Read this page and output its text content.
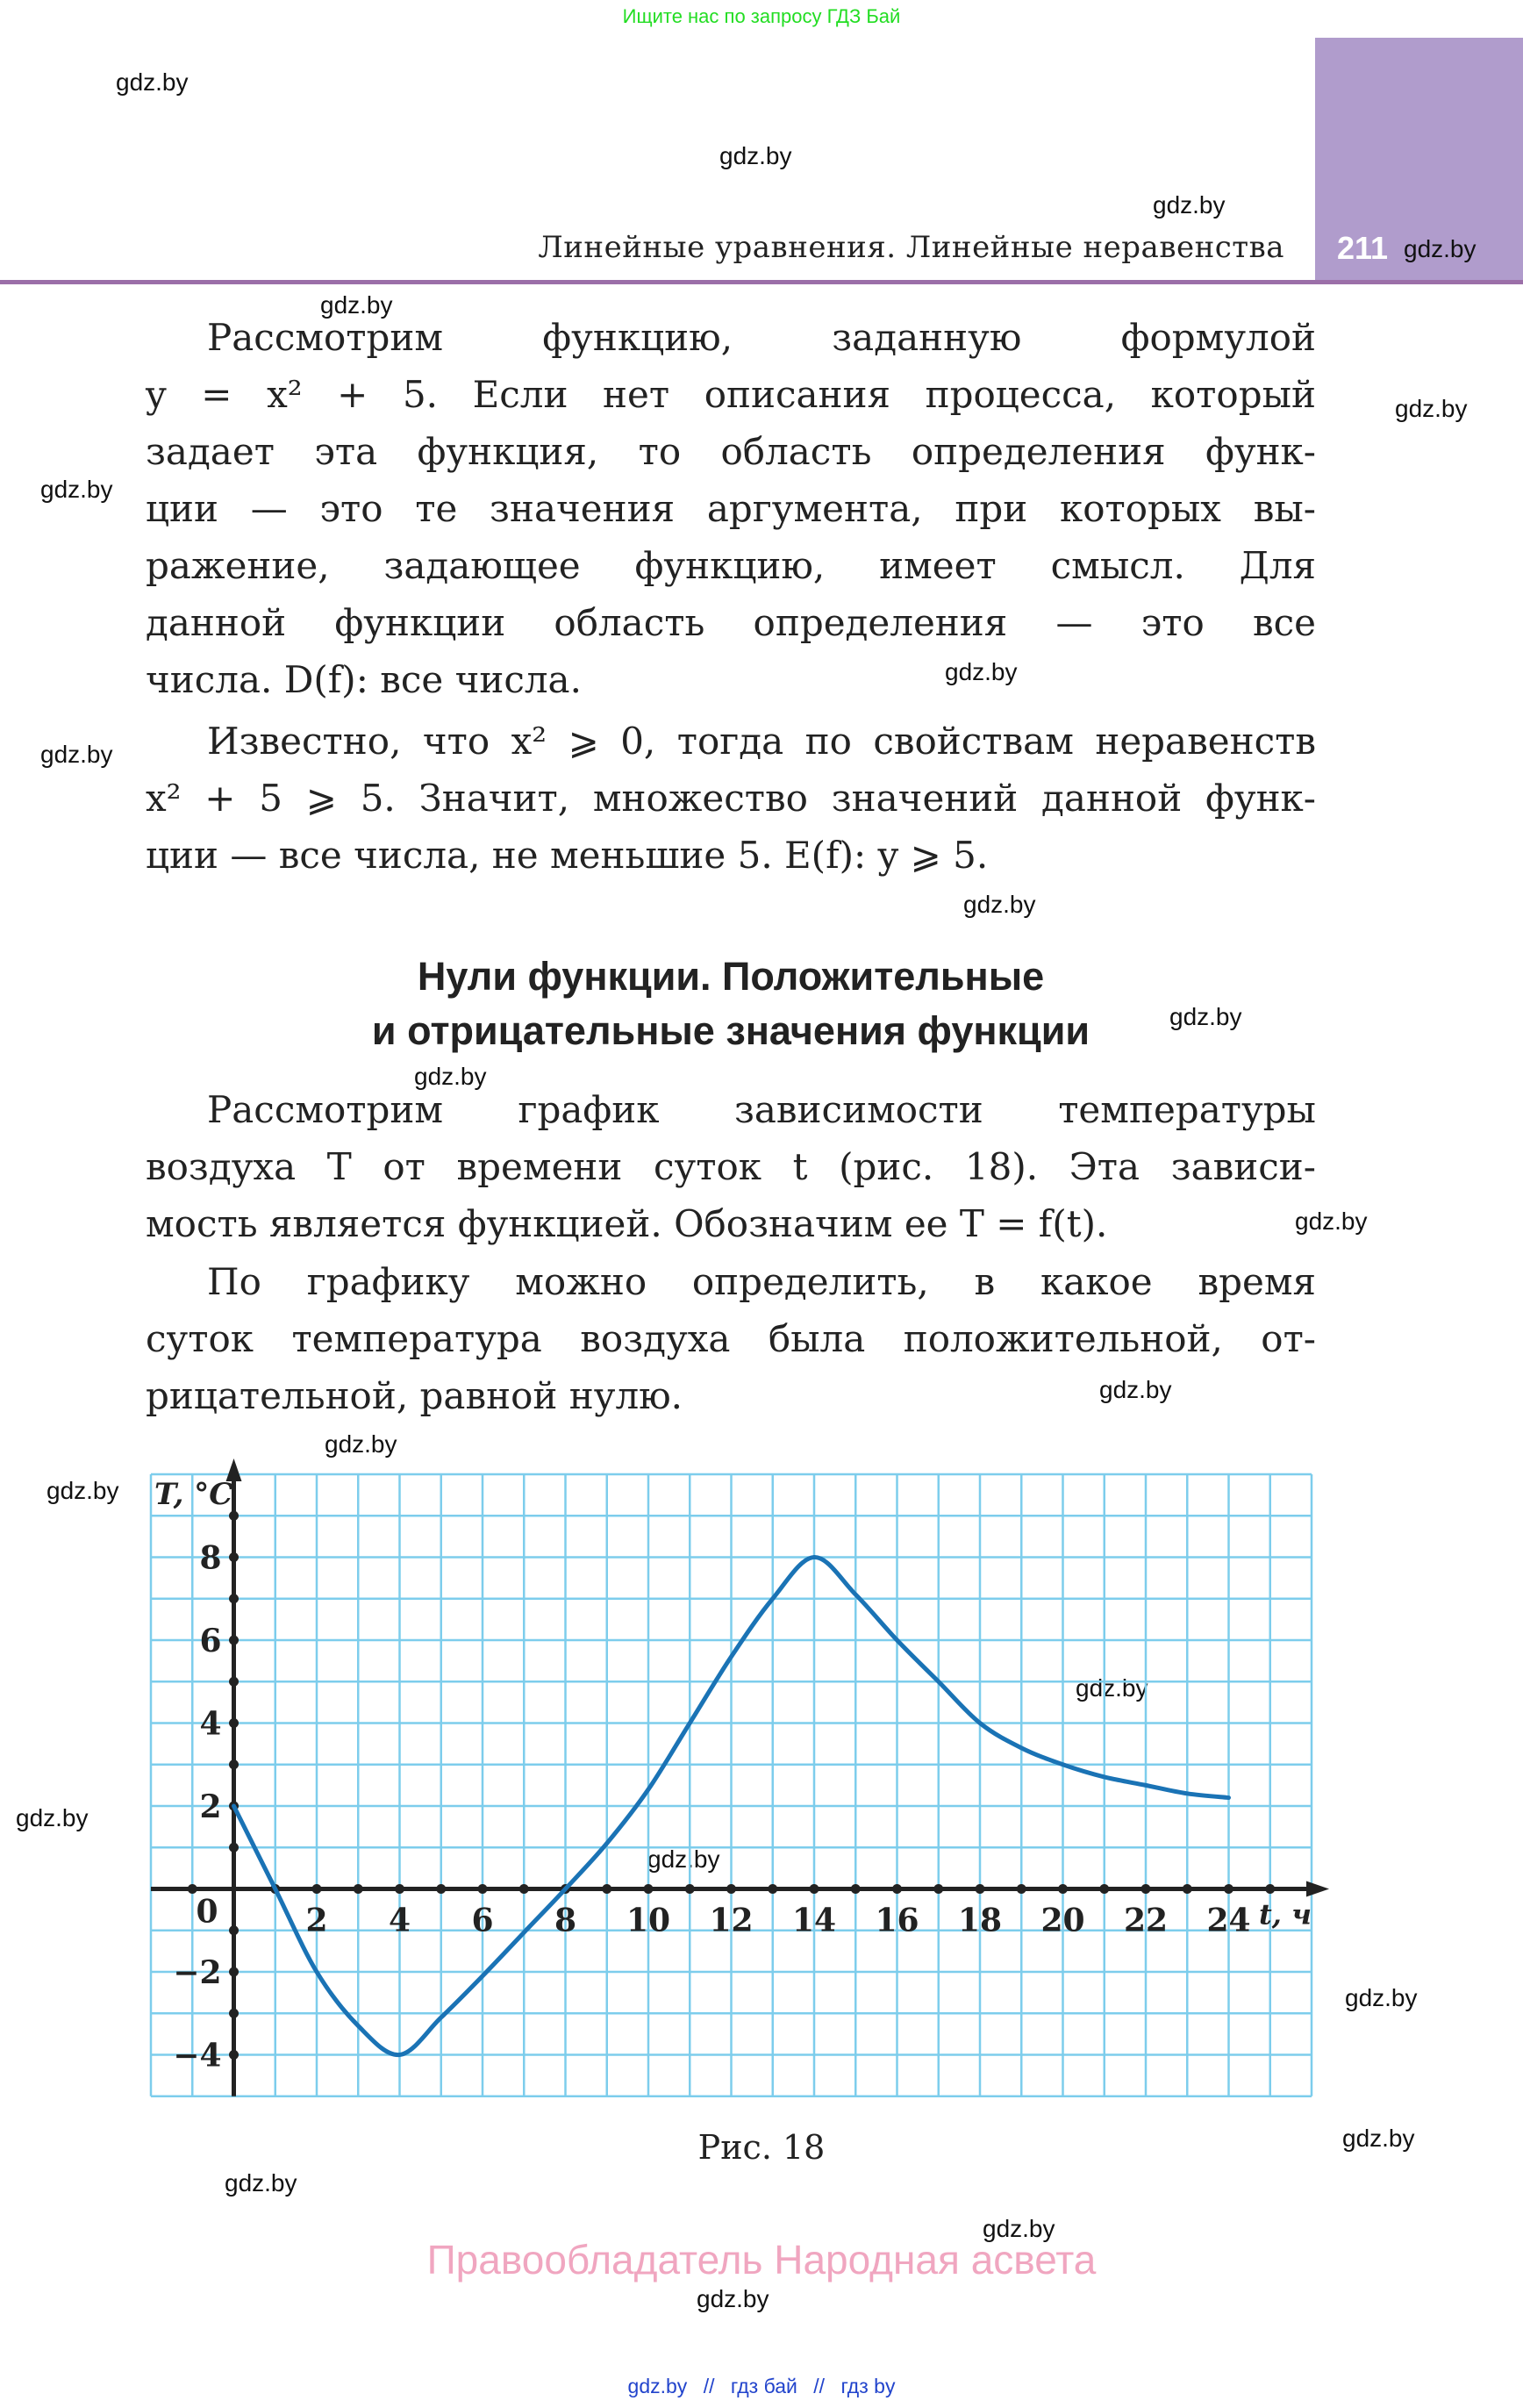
Ищите нас по запросу ГДЗ Бай
211
Линейные уравнения. Линейные неравенства
gdz.by
gdz.by
gdz.by
gdz.by
gdz.by
gdz.by
gdz.by
gdz.by
gdz.by
gdz.by
gdz.by
gdz.by
gdz.by
gdz.by
gdz.by
gdz.by
gdz.by
gdz.by
gdz.by
gdz.by
gdz.by
gdz.by
gdz.by
gdz.by
Рассмотрим функцию, заданную формулой
y = x² + 5. Если нет описания процесса, который
задает эта функция, то область определения функ-
ции — это те значения аргумента, при которых вы-
ражение, задающее функцию, имеет смысл. Для
данной функции область определения — это все
числа. D(f): все числа.
Известно, что x² ⩾ 0, тогда по свойствам неравенств
x² + 5 ⩾ 5. Значит, множество значений данной функ-
ции — все числа, не меньшие 5. E(f): y ⩾ 5.
Нули функции. Положительные
и отрицательные значения функции
Рассмотрим график зависимости температуры
воздуха T от времени суток t (рис. 18). Эта зависи-
мость является функцией. Обозначим ее T = f(t).
По графику можно определить, в какое время
суток температура воздуха была положительной, от-
рицательной, равной нулю.
2 4 6 8 10 12 14 16 18 20 22 24
−4
−2
2
4
6
8
0
T, °C
t, ч
Рис. 18
Правообладатель Народная асвета
gdz.by // гдз бай // гдз by
